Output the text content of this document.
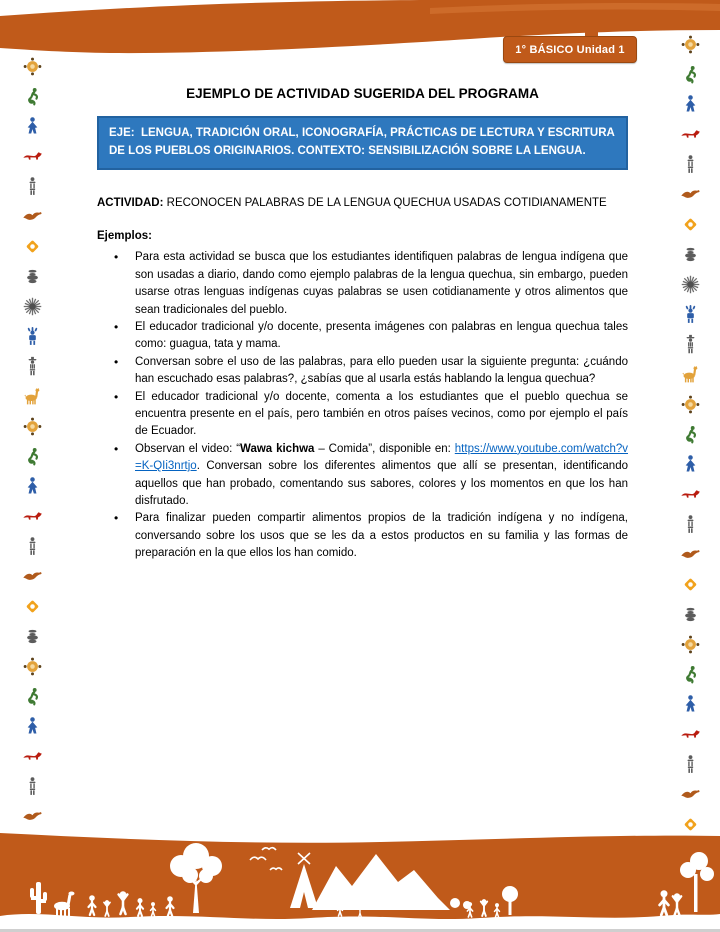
1° BÁSICO Unidad 1
EJEMPLO DE ACTIVIDAD SUGERIDA DEL PROGRAMA
EJE:  LENGUA, TRADICIÓN ORAL, ICONOGRAFÍA, PRÁCTICAS DE LECTURA Y ESCRITURA DE LOS PUEBLOS ORIGINARIOS. CONTEXTO: SENSIBILIZACIÓN SOBRE LA LENGUA.

ACTIVIDAD: RECONOCEN PALABRAS DE LA LENGUA QUECHUA USADAS COTIDIANAMENTE

Ejemplos:

• Para esta actividad se busca que los estudiantes identifiquen palabras de lengua indígena que son usadas a diario, dando como ejemplo palabras de la lengua quechua, sin embargo, pueden usarse otras lenguas indígenas cuyas palabras se usen cotidianamente y otros alimentos que sean tradicionales del pueblo.
• El educador tradicional y/o docente, presenta imágenes con palabras en lengua quechua tales como: guagua, tata y mama.
• Conversan sobre el uso de las palabras, para ello pueden usar la siguiente pregunta: ¿cuándo han escuchado esas palabras?, ¿sabías que al usarla estás hablando la lengua quechua?
• El educador tradicional y/o docente, comenta a los estudiantes que el pueblo quechua se encuentra presente en el país, pero también en otros países vecinos, como por ejemplo el país de Ecuador.
• Observan el video: “Wawa kichwa – Comida”, disponible en: https://www.youtube.com/watch?v=K-QIi3nrtjo. Conversan sobre los diferentes alimentos que allí se presentan, identificando aquellos que han probado, comentando sus sabores, colores y los momentos en que los han disfrutado.
• Para finalizar pueden compartir alimentos propios de la tradición indígena y no indígena, conversando sobre los usos que se les da a estos productos en su familia y las formas de preparación en la que ellos los han comido.
